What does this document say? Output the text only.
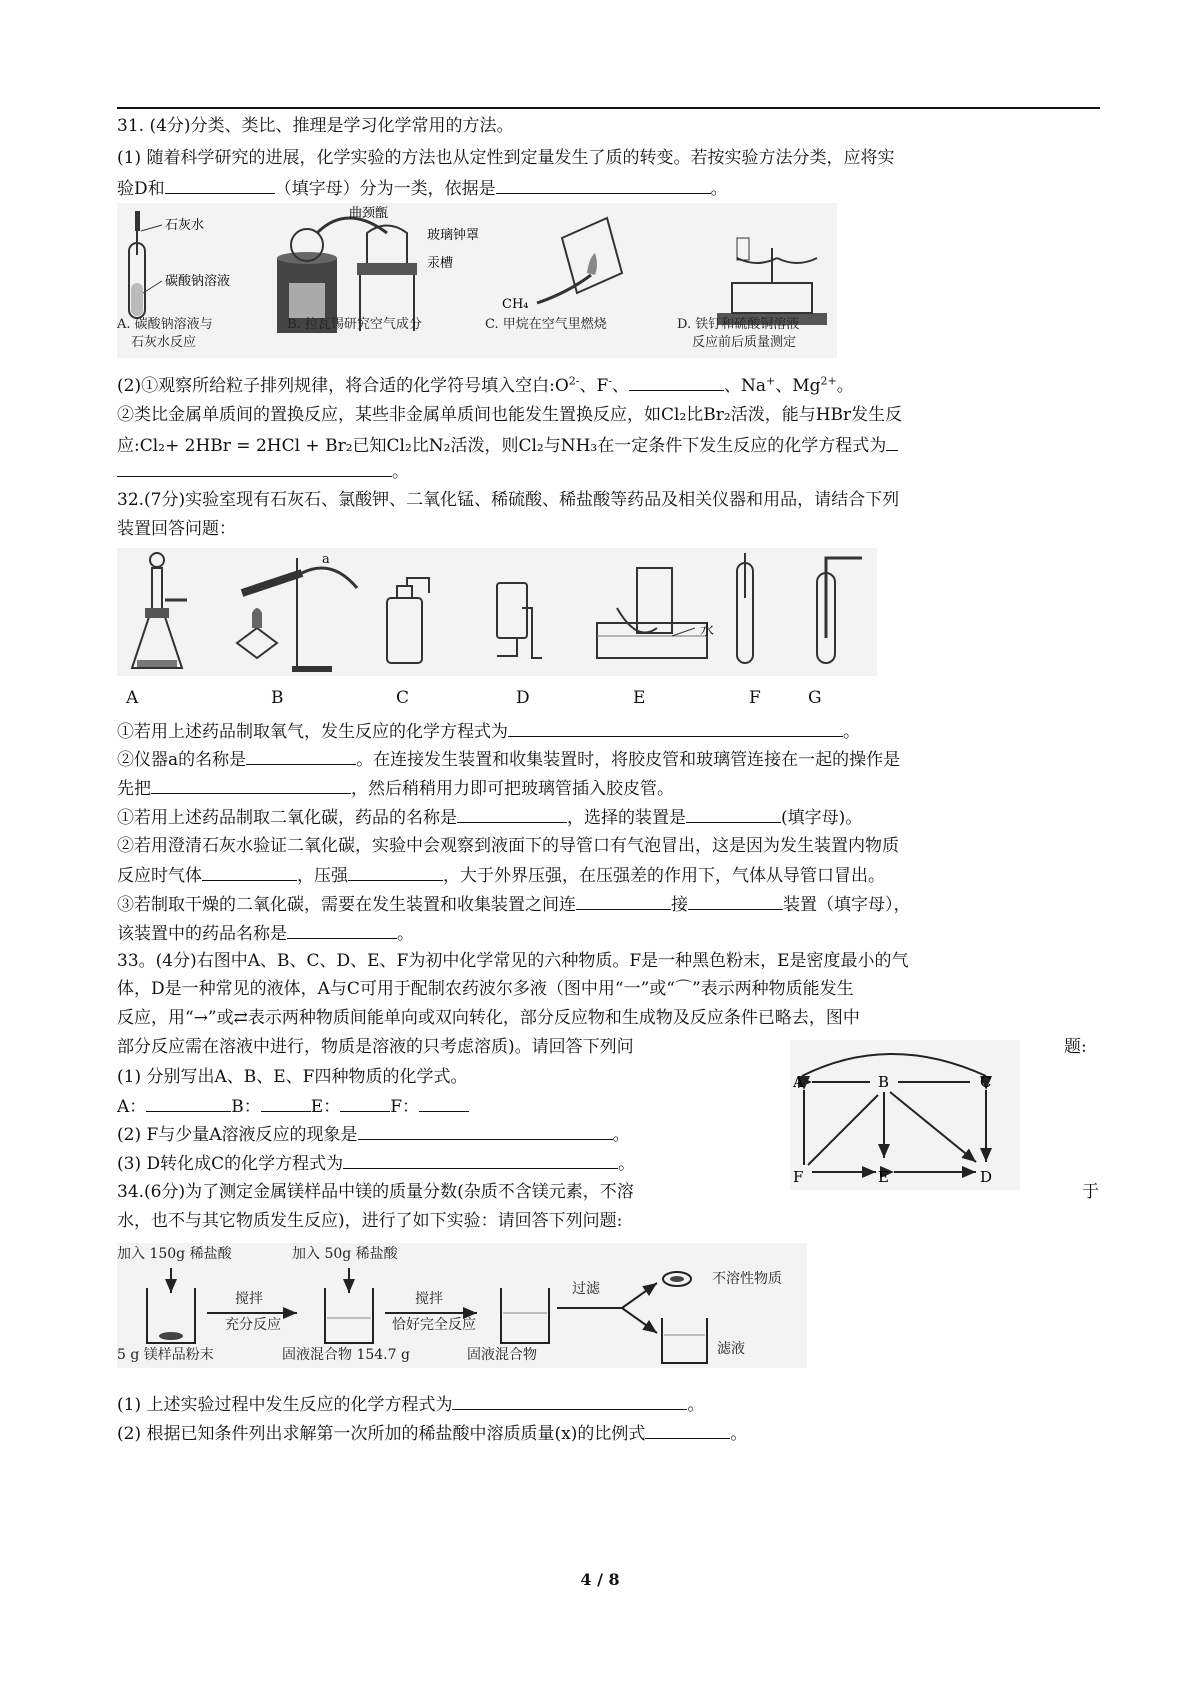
31. (4分)分类、类比、推理是学习化学常用的方法。
(1) 随着科学研究的进展，化学实验的方法也从定性到定量发生了质的转变。若按实验方法分类，应将实
验D和	（填字母）分为一类，依据是	。
石灰水
碳酸钠溶液
曲颈甑
玻璃钟罩
汞槽
CH₄
A. 碳酸钠溶液与
石灰水反应
B. 拉瓦锡研究空气成分	C. 甲烷在空气里燃烧	D. 铁钉和硫酸铜溶液
反应前后质量测定
(2)①观察所给粒子排列规律，将合适的化学符号填入空白$:O^{2-}$、F-、	、Na+、$Mg^{2+}$。
②类比金属单质间的置换反应，某些非金属单质间也能发生置换反应，如Cl₂比Br₂活泼，能与HBr发生反
应:Cl₂+ 2HBr = 2HCl + Br₂已知Cl₂比N₂活泼，则Cl₂与NH₃在一定条件下发生反应的化学方程式为
。
32.(7分)实验室现有石灰石、氯酸钾、二氧化锰、稀硫酸、稀盐酸等药品及相关仪器和用品，请结合下列
装置回答问题：
a
水
A	B	C	D	E	F	G
①若用上述药品制取氧气，发生反应的化学方程式为	。
②仪器a的名称是	。在连接发生装置和收集装置时，将胶皮管和玻璃管连接在一起的操作是
先把	，然后稍稍用力即可把玻璃管插入胶皮管。
①若用上述药品制取二氧化碳，药品的名称是	，选择的装置是	(填字母)。
②若用澄清石灰水验证二氧化碳，实验中会观察到液面下的导管口有气泡冒出，这是因为发生装置内物质
反应时气体	，压强	，大于外界压强，在压强差的作用下，气体从导管口冒出。
③若制取干燥的二氧化碳，需要在发生装置和收集装置之间连	接	装置（填字母），
该装置中的药品名称是	。
33。(4分)右图中A、B、C、D、E、F为初中化学常见的六种物质。F是一种黑色粉末，E是密度最小的气
体，D是一种常见的液体，A与C可用于配制农药波尔多液（图中用“一”或“⌒”表示两种物质能发生
反应，用“→”或⇄表示两种物质间能单向或双向转化，部分反应物和生成物及反应条件已略去，图中
部分反应需在溶液中进行，物质是溶液的只考虑溶质)。请回答下列问	题:
(1) 分别写出A、B、E、F四种物质的化学式。
A：	B：	E：	F：
(2) F与少量A溶液反应的现象是	。
(3) D转化成C的化学方程式为	。
A	B	C
D
E
F
34.(6分)为了测定金属镁样品中镁的质量分数(杂质不含镁元素，不溶	于
水，也不与其它物质发生反应)，进行了如下实验：请回答下列问题:
加入 150g 稀盐酸	加入 50g 稀盐酸
搅拌
充分反应
搅拌
恰好完全反应
过滤
5 g 镁样品粉末	固液混合物 154.7 g	固液混合物
不溶性物质
滤液
(1) 上述实验过程中发生反应的化学方程式为	。
(2) 根据已知条件列出求解第一次所加的稀盐酸中溶质质量(x)的比例式	。
4 / 8
